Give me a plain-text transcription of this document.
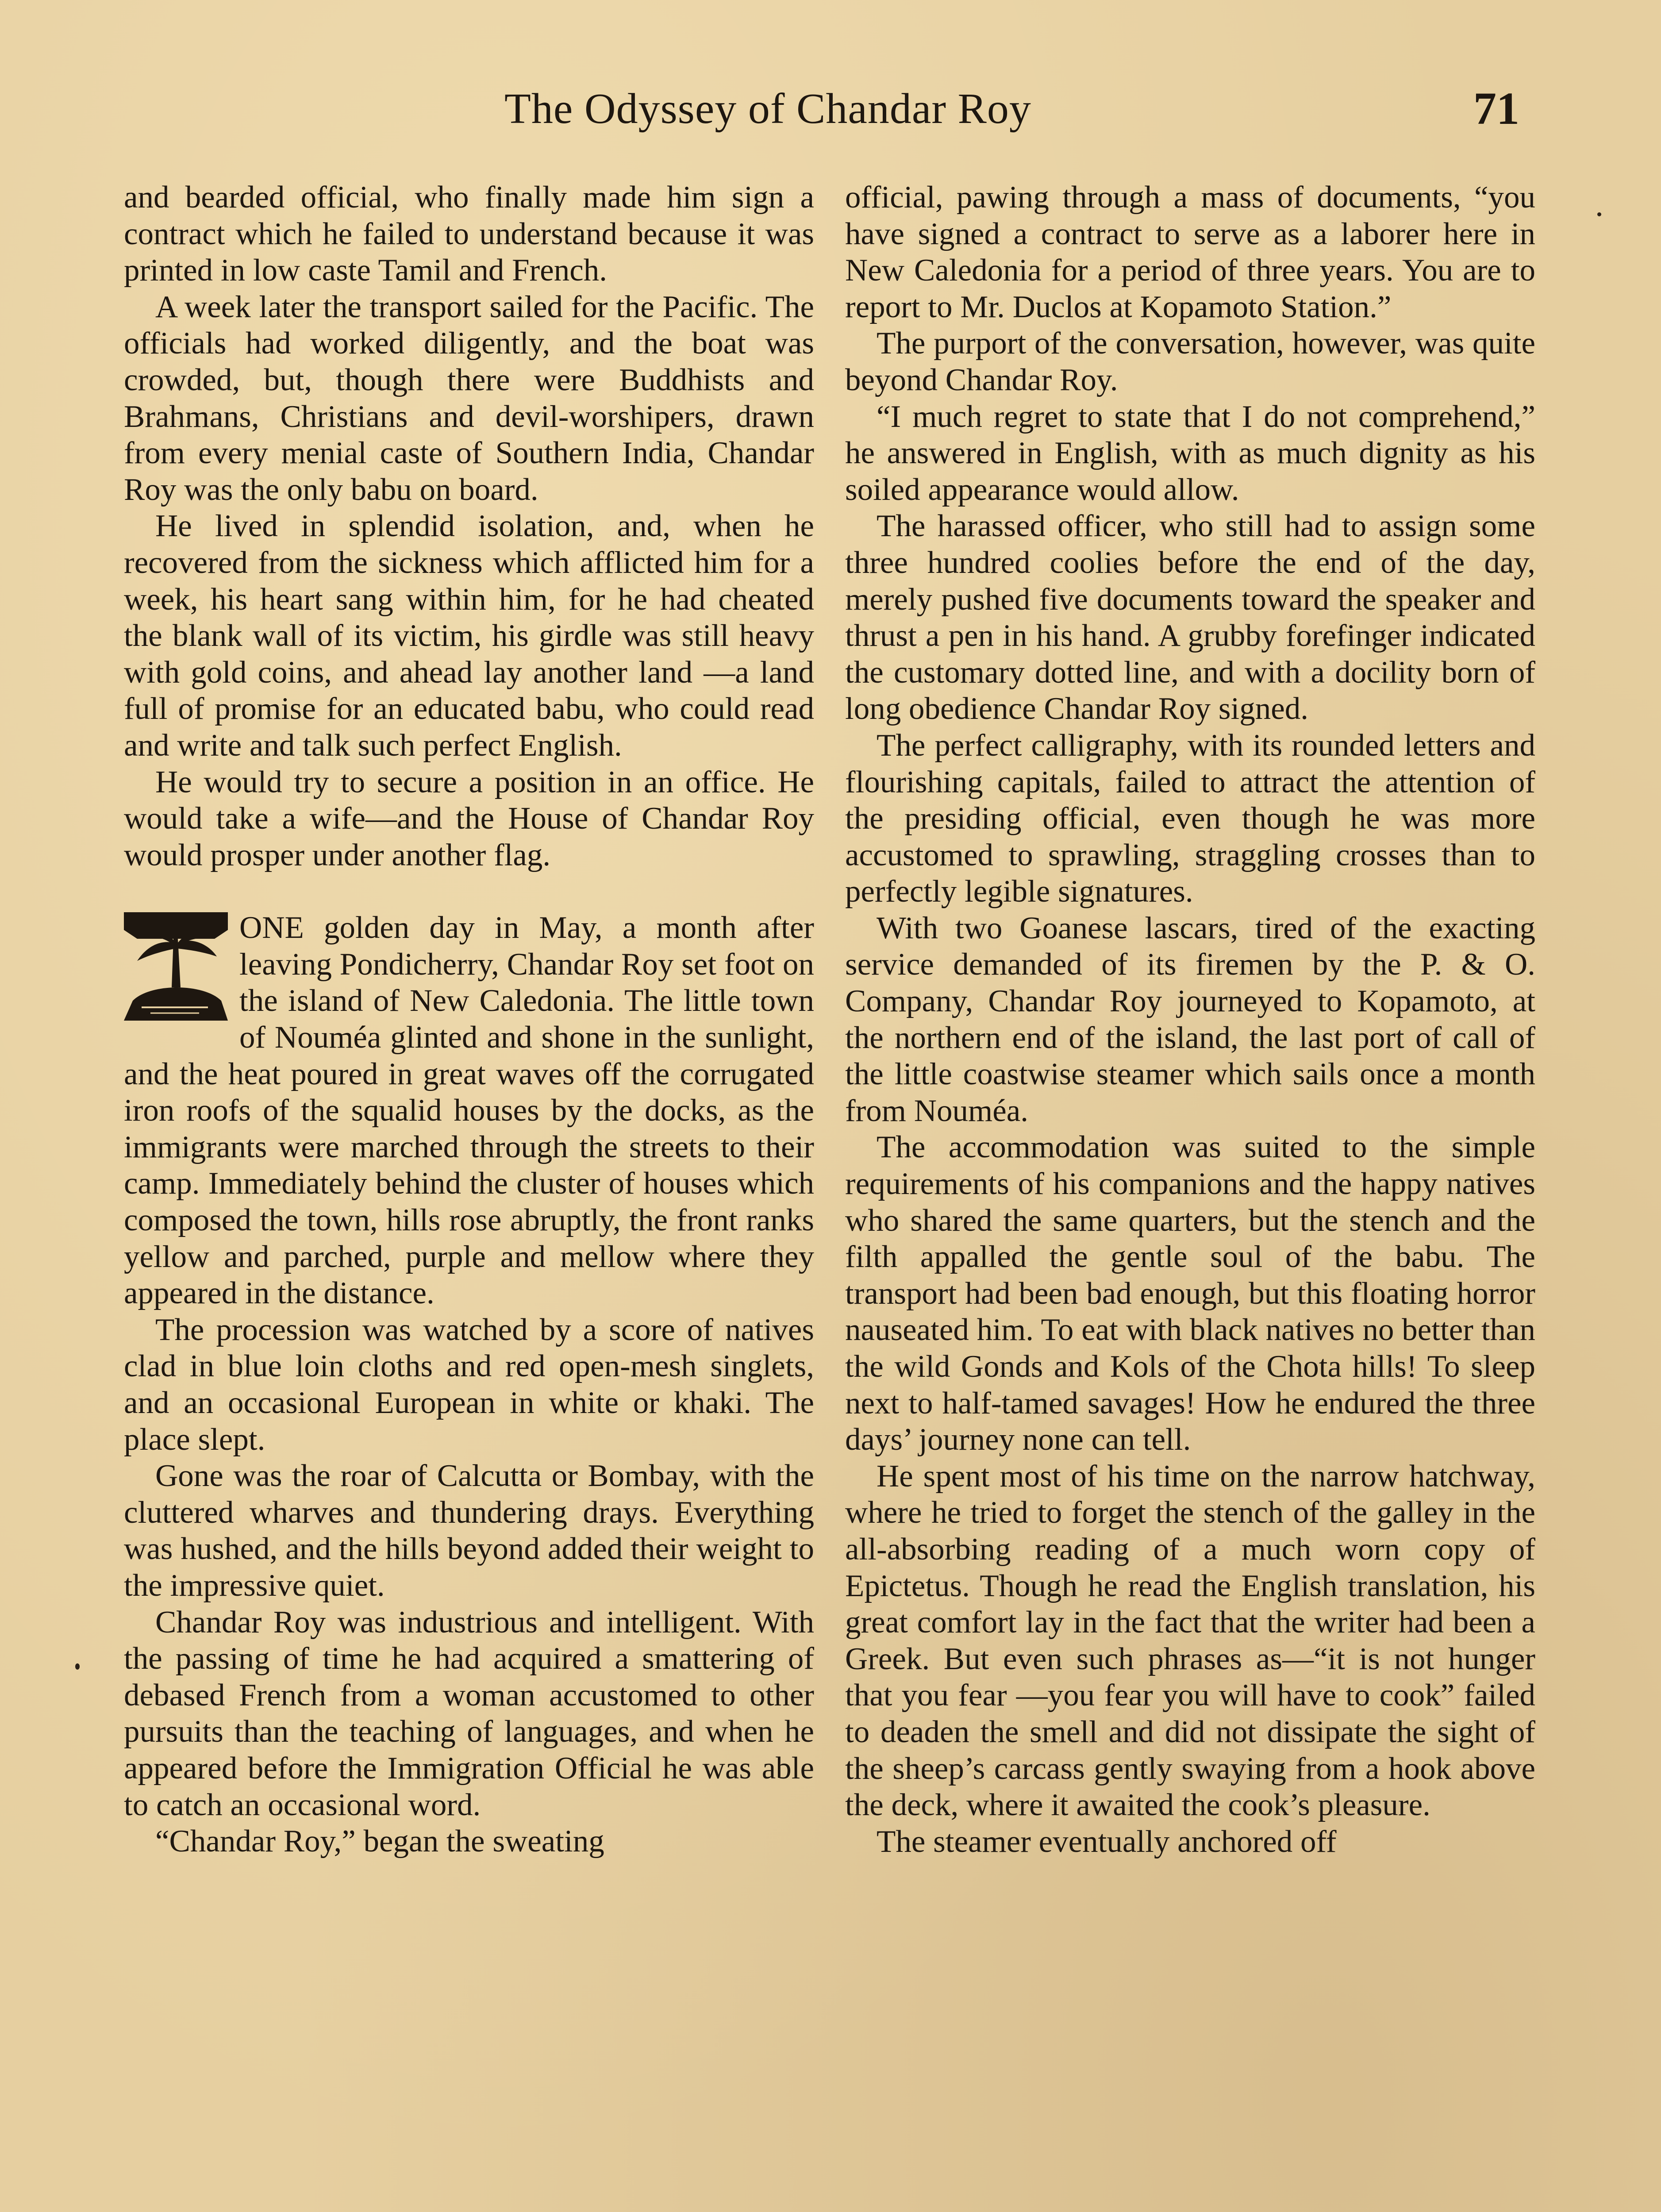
The Odyssey of Chandar Roy	71

and bearded official, who finally made him sign a contract which he failed to understand because it was printed in low caste Tamil and French.

A week later the transport sailed for the Pacific. The officials had worked diligently, and the boat was crowded, but, though there were Buddhists and Brahmans, Christians and devil-worshipers, drawn from every menial caste of Southern India, Chandar Roy was the only babu on board.

He lived in splendid isolation, and, when he recovered from the sickness which afflicted him for a week, his heart sang within him, for he had cheated the blank wall of its victim, his girdle was still heavy with gold coins, and ahead lay another land —a land full of promise for an educated babu, who could read and write and talk such perfect English.

He would try to secure a position in an office. He would take a wife—and the House of Chandar Roy would prosper under another flag.

ONE golden day in May, a month after leaving Pondicherry, Chandar Roy set foot on the island of New Caledonia. The little town of Nouméa glinted and shone in the sunlight, and the heat poured in great waves off the corrugated iron roofs of the squalid houses by the docks, as the immigrants were marched through the streets to their camp. Immediately behind the cluster of houses which composed the town, hills rose abruptly, the front ranks yellow and parched, purple and mellow where they appeared in the distance.

The procession was watched by a score of natives clad in blue loin cloths and red open-mesh singlets, and an occasional European in white or khaki. The place slept.

Gone was the roar of Calcutta or Bombay, with the cluttered wharves and thundering drays. Everything was hushed, and the hills beyond added their weight to the impressive quiet.

Chandar Roy was industrious and intelligent. With the passing of time he had acquired a smattering of debased French from a woman accustomed to other pursuits than the teaching of languages, and when he appeared before the Immigration Official he was able to catch an occasional word.

“Chandar Roy,” began the sweating

official, pawing through a mass of documents, “you have signed a contract to serve as a laborer here in New Caledonia for a period of three years. You are to report to Mr. Duclos at Kopamoto Station.”

The purport of the conversation, however, was quite beyond Chandar Roy.

“I much regret to state that I do not comprehend,” he answered in English, with as much dignity as his soiled appearance would allow.

The harassed officer, who still had to assign some three hundred coolies before the end of the day, merely pushed five documents toward the speaker and thrust a pen in his hand. A grubby forefinger indicated the customary dotted line, and with a docility born of long obedience Chandar Roy signed.

The perfect calligraphy, with its rounded letters and flourishing capitals, failed to attract the attention of the presiding official, even though he was more accustomed to sprawling, straggling crosses than to perfectly legible signatures.

With two Goanese lascars, tired of the exacting service demanded of its firemen by the P. & O. Company, Chandar Roy journeyed to Kopamoto, at the northern end of the island, the last port of call of the little coastwise steamer which sails once a month from Nouméa.

The accommodation was suited to the simple requirements of his companions and the happy natives who shared the same quarters, but the stench and the filth appalled the gentle soul of the babu. The transport had been bad enough, but this floating horror nauseated him. To eat with black natives no better than the wild Gonds and Kols of the Chota hills! To sleep next to half-tamed savages! How he endured the three days’ journey none can tell.

He spent most of his time on the narrow hatchway, where he tried to forget the stench of the galley in the all-absorbing reading of a much worn copy of Epictetus. Though he read the English translation, his great comfort lay in the fact that the writer had been a Greek. But even such phrases as—“it is not hunger that you fear —you fear you will have to cook” failed to deaden the smell and did not dissipate the sight of the sheep’s carcass gently swaying from a hook above the deck, where it awaited the cook’s pleasure.

The steamer eventually anchored off
